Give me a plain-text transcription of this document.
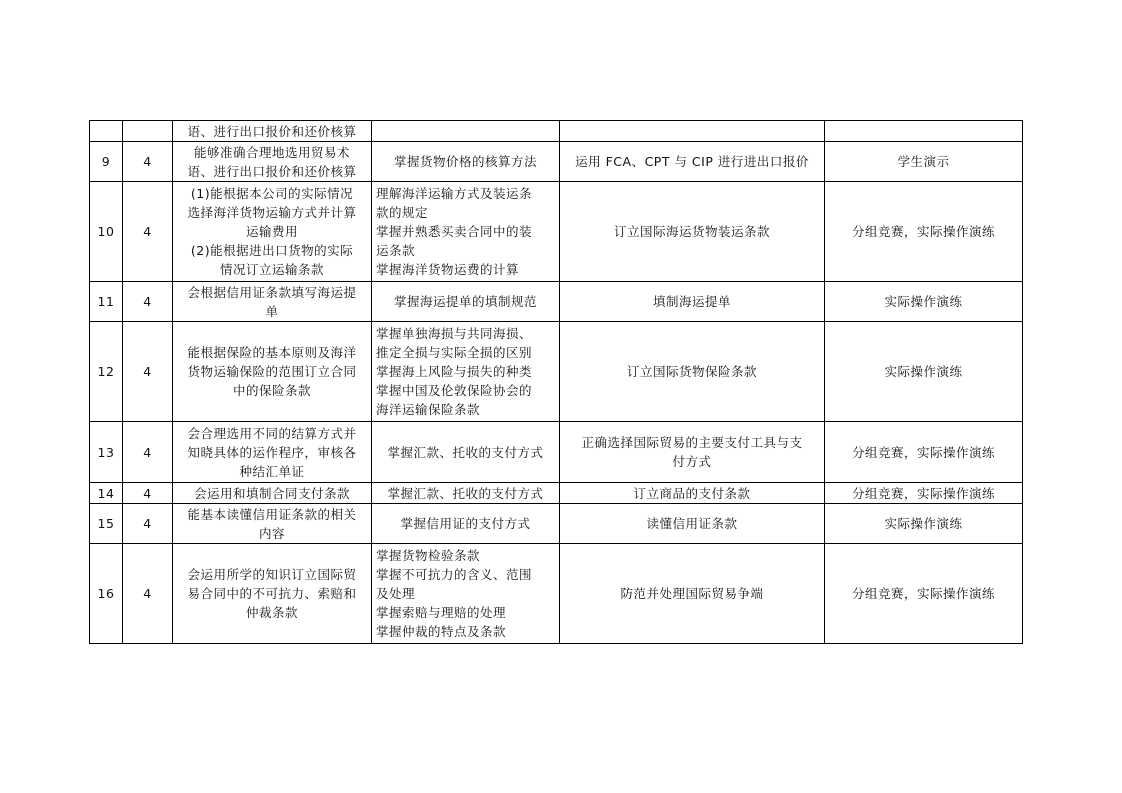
		语、进行出口报价和还价核算			

9	4	能够准确合理地选用贸易术
语、进行出口报价和还价核算	掌握货物价格的核算方法	运用 FCA、CPT 与 CIP 进行进出口报价	学生演示

10	4	(1)能根据本公司的实际情况
选择海洋货物运输方式并计算
运输费用
(2)能根据进出口货物的实际
情况订立运输条款	理解海洋运输方式及装运条
款的规定
掌握并熟悉买卖合同中的装
运条款
掌握海洋货物运费的计算	订立国际海运货物装运条款	分组竞赛，实际操作演练

11	4	会根据信用证条款填写海运提
单	掌握海运提单的填制规范	填制海运提单	实际操作演练

12	4	能根据保险的基本原则及海洋
货物运输保险的范围订立合同
中的保险条款	掌握单独海损与共同海损、
推定全损与实际全损的区别
掌握海上风险与损失的种类
掌握中国及伦敦保险协会的
海洋运输保险条款	订立国际货物保险条款	实际操作演练

13	4	会合理选用不同的结算方式并
知晓具体的运作程序，审核各
种结汇单证	掌握汇款、托收的支付方式	正确选择国际贸易的主要支付工具与支
付方式	分组竞赛，实际操作演练

14	4	会运用和填制合同支付条款	掌握汇款、托收的支付方式	订立商品的支付条款	分组竞赛，实际操作演练

15	4	能基本读懂信用证条款的相关
内容	掌握信用证的支付方式	读懂信用证条款	实际操作演练

16	4	会运用所学的知识订立国际贸
易合同中的不可抗力、索赔和
仲裁条款	掌握货物检验条款
掌握不可抗力的含义、范围
及处理
掌握索赔与理赔的处理
掌握仲裁的特点及条款	防范并处理国际贸易争端	分组竞赛，实际操作演练
